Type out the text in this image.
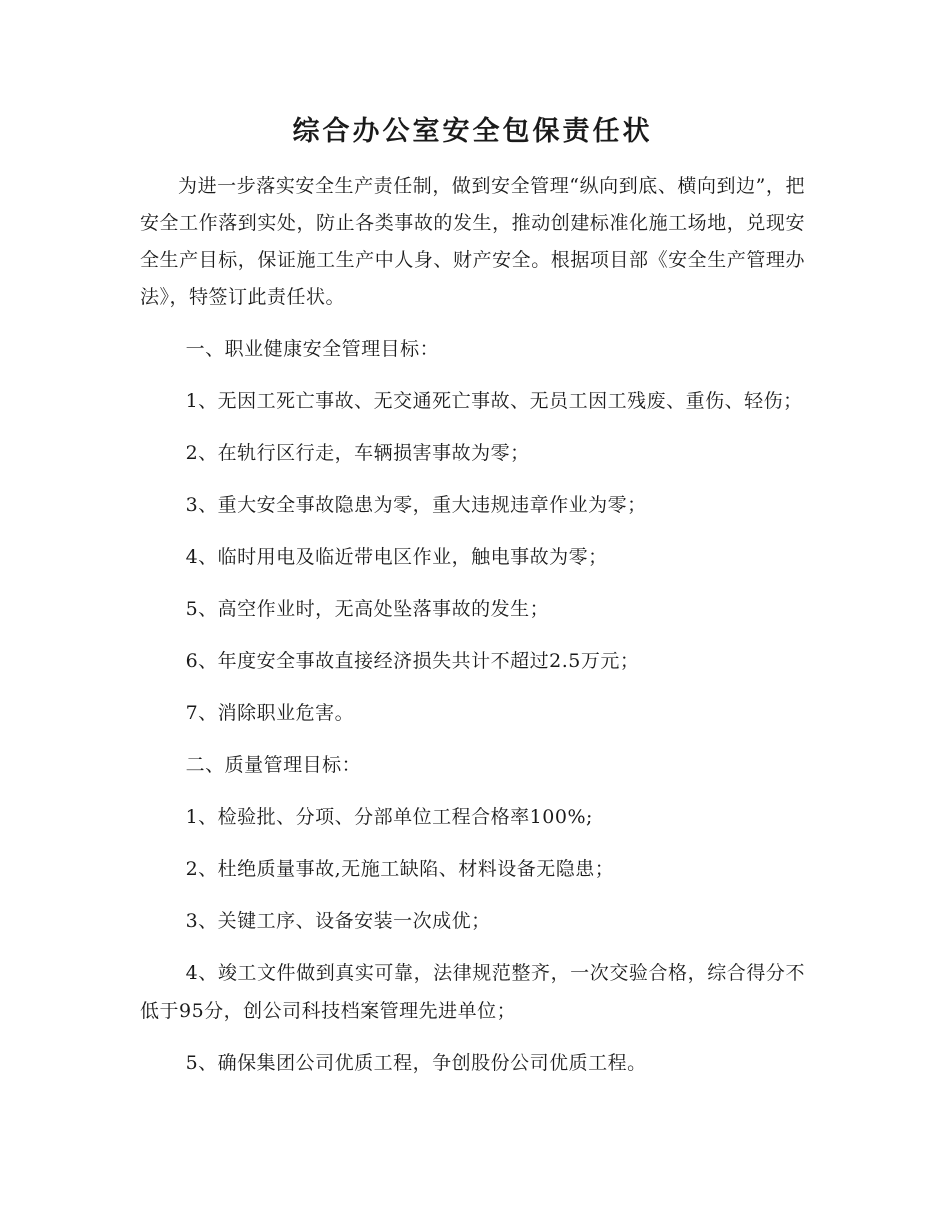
综合办公室安全包保责任状

为进一步落实安全生产责任制，做到安全管理“纵向到底、横向到边”，把安全工作落到实处，防止各类事故的发生，推动创建标准化施工场地，兑现安全生产目标，保证施工生产中人身、财产安全。根据项目部《安全生产管理办法》，特签订此责任状。

一、职业健康安全管理目标：

1、无因工死亡事故、无交通死亡事故、无员工因工残废、重伤、轻伤；

2、在轨行区行走，车辆损害事故为零；

3、重大安全事故隐患为零，重大违规违章作业为零；

4、临时用电及临近带电区作业，触电事故为零；

5、高空作业时，无高处坠落事故的发生；

6、年度安全事故直接经济损失共计不超过2.5万元；

7、消除职业危害。

二、质量管理目标：

1、检验批、分项、分部单位工程合格率100%;

2、杜绝质量事故,无施工缺陷、材料设备无隐患；

3、关键工序、设备安装一次成优；

4、竣工文件做到真实可靠，法律规范整齐，一次交验合格，综合得分不低于95分，创公司科技档案管理先进单位；

5、确保集团公司优质工程，争创股份公司优质工程。
